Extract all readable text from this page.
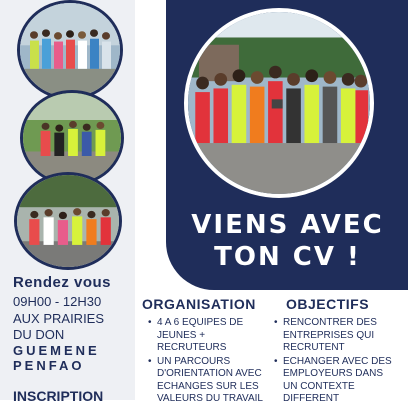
VIENS AVEC
TON CV !
Rendez vous
09H00 - 12H30
AUX PRAIRIES
DU DON
GUEMENE
PENFAO
INSCRIPTION
ORGANISATION
• 4 A 6 EQUIPES DE
JEUNES +
RECRUTEURS
• UN PARCOURS
D'ORIENTATION AVEC
ECHANGES SUR LES
VALEURS DU TRAVAIL
OBJECTIFS
• RENCONTRER DES
ENTREPRISES QUI
RECRUTENT
• ECHANGER AVEC DES
EMPLOYEURS DANS
UN CONTEXTE
DIFFERENT
